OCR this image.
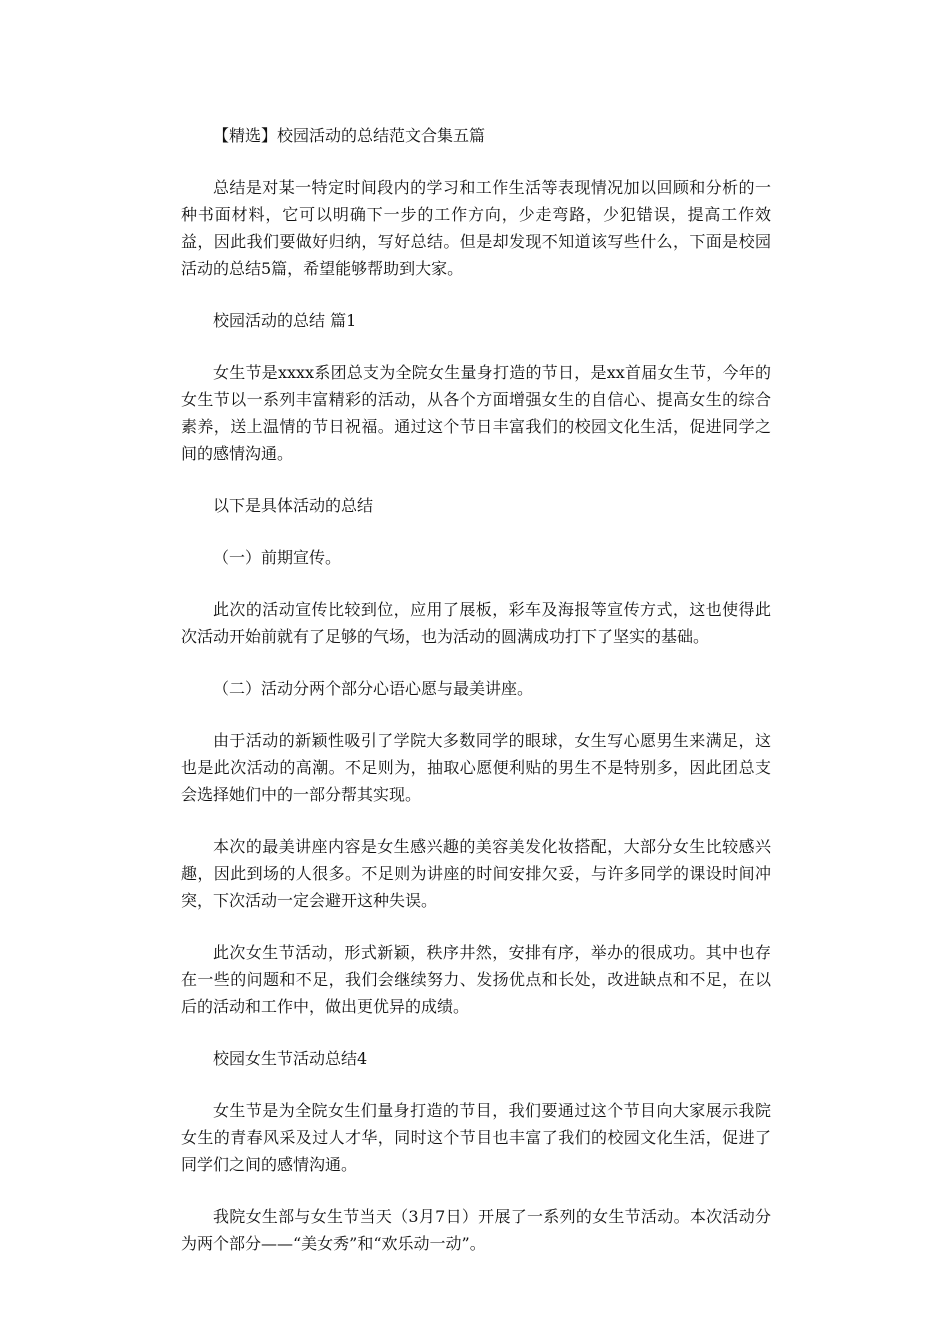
【精选】校园活动的总结范文合集五篇
总结是对某一特定时间段内的学习和工作生活等表现情况加以回顾和分析的一种书面材料，它可以明确下一步的工作方向，少走弯路，少犯错误，提高工作效益，因此我们要做好归纳，写好总结。但是却发现不知道该写些什么，下面是校园活动的总结5篇，希望能够帮助到大家。
校园活动的总结 篇1
女生节是xxxx系团总支为全院女生量身打造的节日，是xx首届女生节，今年的女生节以一系列丰富精彩的活动，从各个方面增强女生的自信心、提高女生的综合素养，送上温情的节日祝福。通过这个节日丰富我们的校园文化生活，促进同学之间的感情沟通。
以下是具体活动的总结
（一）前期宣传。
此次的活动宣传比较到位，应用了展板，彩车及海报等宣传方式，这也使得此次活动开始前就有了足够的气场，也为活动的圆满成功打下了坚实的基础。
（二）活动分两个部分心语心愿与最美讲座。
由于活动的新颖性吸引了学院大多数同学的眼球，女生写心愿男生来满足，这也是此次活动的高潮。不足则为，抽取心愿便利贴的男生不是特别多，因此团总支会选择她们中的一部分帮其实现。
本次的最美讲座内容是女生感兴趣的美容美发化妆搭配，大部分女生比较感兴趣，因此到场的人很多。不足则为讲座的时间安排欠妥，与许多同学的课设时间冲突，下次活动一定会避开这种失误。
此次女生节活动，形式新颖，秩序井然，安排有序，举办的很成功。其中也存在一些的问题和不足，我们会继续努力、发扬优点和长处，改进缺点和不足，在以后的活动和工作中，做出更优异的成绩。
校园女生节活动总结4
女生节是为全院女生们量身打造的节目，我们要通过这个节目向大家展示我院女生的青春风采及过人才华，同时这个节目也丰富了我们的校园文化生活，促进了同学们之间的感情沟通。
我院女生部与女生节当天（3月7日）开展了一系列的女生节活动。本次活动分为两个部分——“美女秀”和“欢乐动一动”。
